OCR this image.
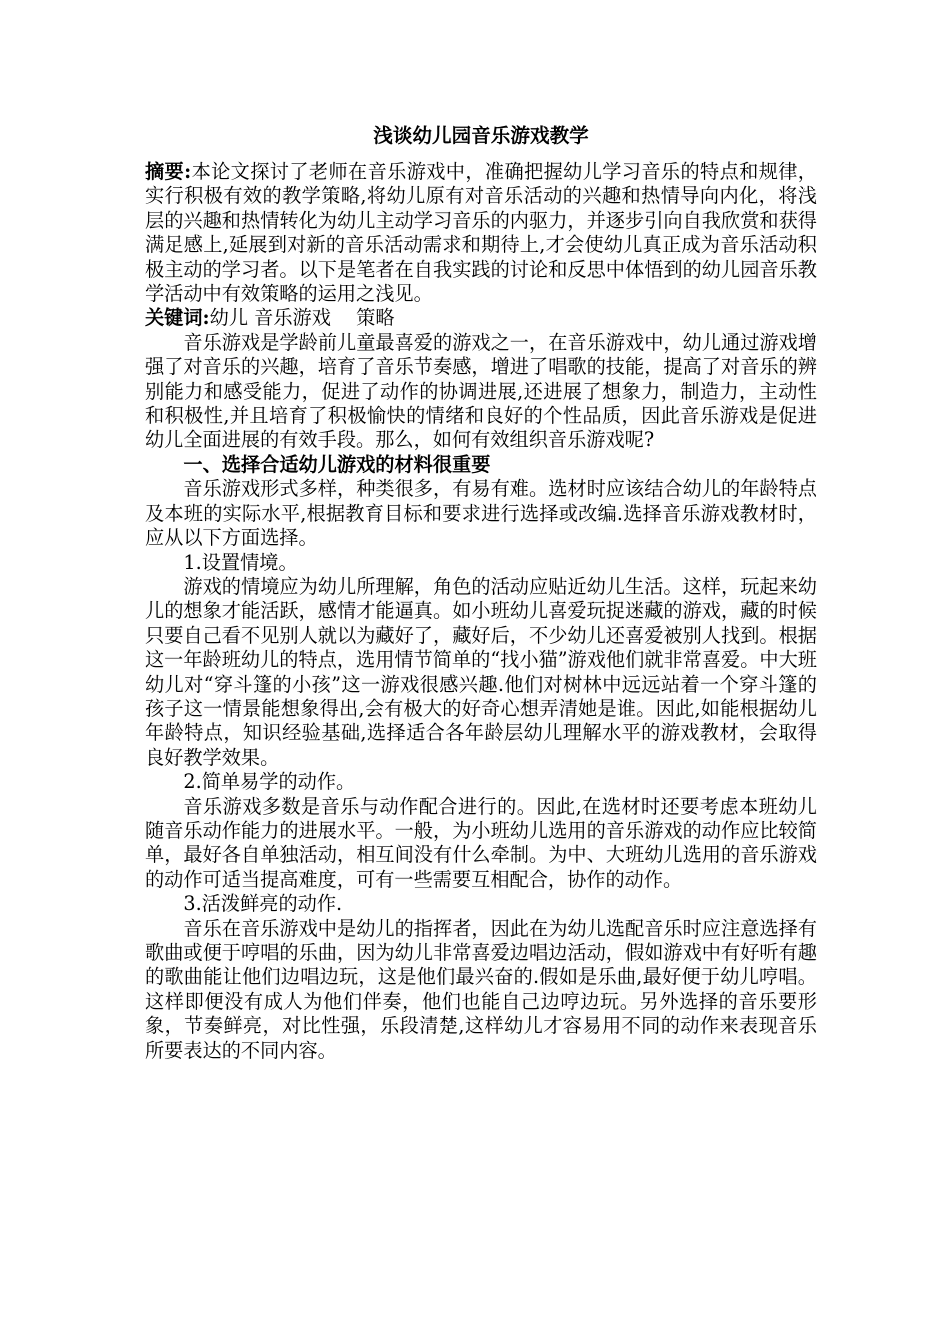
浅谈幼儿园音乐游戏教学

摘要:本论文探讨了老师在音乐游戏中，准确把握幼儿学习音乐的特点和规律，实行积极有效的教学策略,将幼儿原有对音乐活动的兴趣和热情导向内化，将浅层的兴趣和热情转化为幼儿主动学习音乐的内驱力，并逐步引向自我欣赏和获得满足感上,延展到对新的音乐活动需求和期待上,才会使幼儿真正成为音乐活动积极主动的学习者。以下是笔者在自我实践的讨论和反思中体悟到的幼儿园音乐教学活动中有效策略的运用之浅见。

关键词:幼儿 音乐游戏　 策略

音乐游戏是学龄前儿童最喜爱的游戏之一，在音乐游戏中，幼儿通过游戏增强了对音乐的兴趣，培育了音乐节奏感，增进了唱歌的技能，提高了对音乐的辨别能力和感受能力，促进了动作的协调进展,还进展了想象力，制造力，主动性和积极性,并且培育了积极愉快的情绪和良好的个性品质，因此音乐游戏是促进幼儿全面进展的有效手段。那么，如何有效组织音乐游戏呢?

一、选择合适幼儿游戏的材料很重要

音乐游戏形式多样，种类很多，有易有难。选材时应该结合幼儿的年龄特点及本班的实际水平,根据教育目标和要求进行选择或改编.选择音乐游戏教材时，应从以下方面选择。

1.设置情境。

游戏的情境应为幼儿所理解，角色的活动应贴近幼儿生活。这样，玩起来幼儿的想象才能活跃，感情才能逼真。如小班幼儿喜爱玩捉迷藏的游戏，藏的时候只要自己看不见别人就以为藏好了，藏好后，不少幼儿还喜爱被别人找到。根据这一年龄班幼儿的特点，选用情节简单的“找小猫”游戏他们就非常喜爱。中大班幼儿对“穿斗篷的小孩”这一游戏很感兴趣.他们对树林中远远站着一个穿斗篷的孩子这一情景能想象得出,会有极大的好奇心想弄清她是谁。因此,如能根据幼儿年龄特点，知识经验基础,选择适合各年龄层幼儿理解水平的游戏教材，会取得良好教学效果。

2.简单易学的动作。

音乐游戏多数是音乐与动作配合进行的。因此,在选材时还要考虑本班幼儿随音乐动作能力的进展水平。一般，为小班幼儿选用的音乐游戏的动作应比较简单，最好各自单独活动，相互间没有什么牵制。为中、大班幼儿选用的音乐游戏的动作可适当提高难度，可有一些需要互相配合，协作的动作。

3.活泼鲜亮的动作.

音乐在音乐游戏中是幼儿的指挥者，因此在为幼儿选配音乐时应注意选择有歌曲或便于哼唱的乐曲，因为幼儿非常喜爱边唱边活动，假如游戏中有好听有趣的歌曲能让他们边唱边玩，这是他们最兴奋的.假如是乐曲,最好便于幼儿哼唱。这样即便没有成人为他们伴奏，他们也能自己边哼边玩。另外选择的音乐要形象，节奏鲜亮，对比性强，乐段清楚,这样幼儿才容易用不同的动作来表现音乐所要表达的不同内容。
